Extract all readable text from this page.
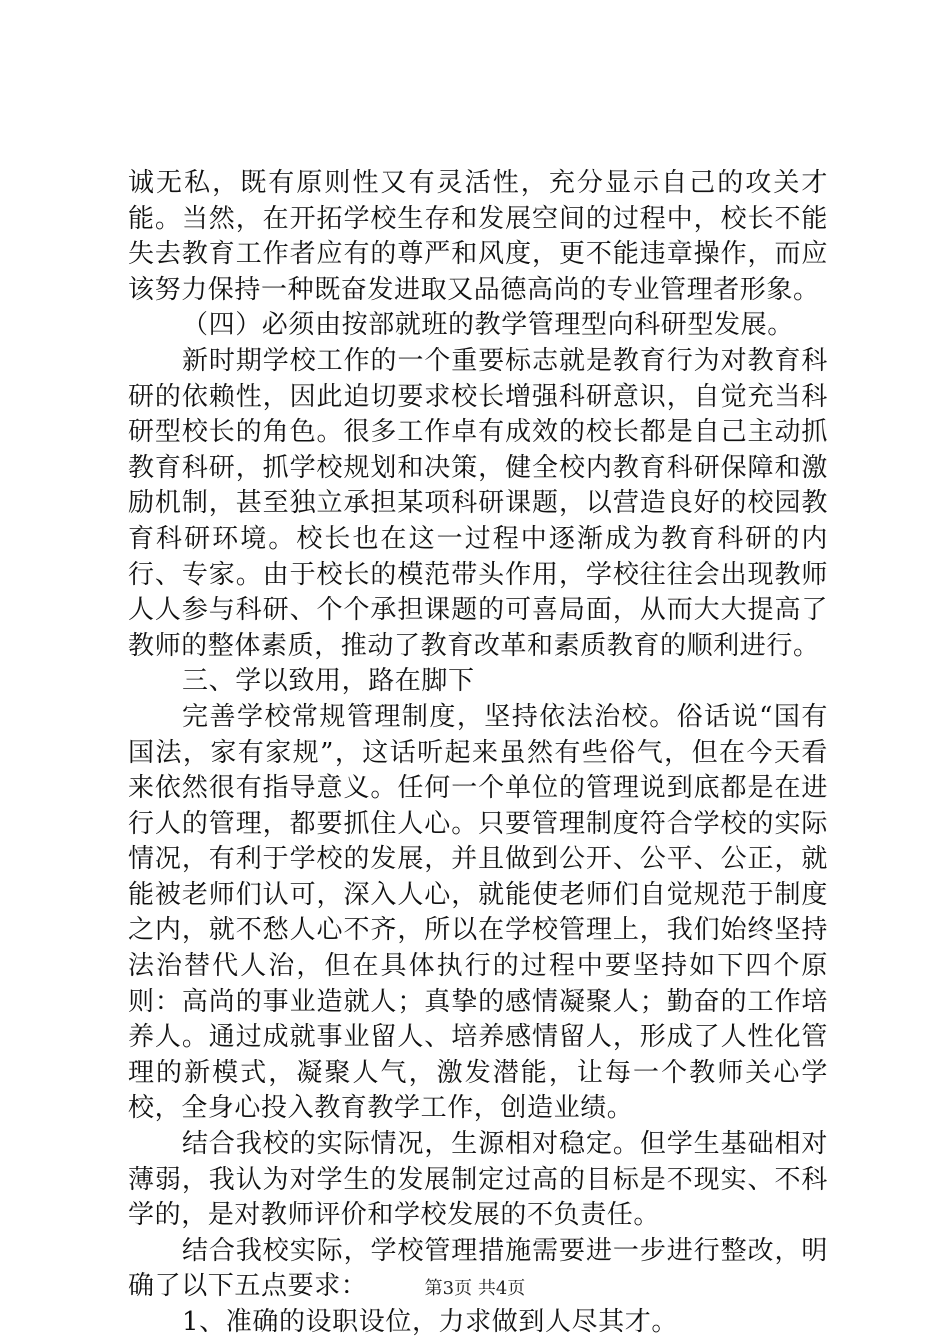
诚无私，既有原则性又有灵活性，充分显示自己的攻关才能。当然，在开拓学校生存和发展空间的过程中，校长不能失去教育工作者应有的尊严和风度，更不能违章操作，而应该努力保持一种既奋发进取又品德高尚的专业管理者形象。

（四）必须由按部就班的教学管理型向科研型发展。

新时期学校工作的一个重要标志就是教育行为对教育科研的依赖性，因此迫切要求校长增强科研意识，自觉充当科研型校长的角色。很多工作卓有成效的校长都是自己主动抓教育科研，抓学校规划和决策，健全校内教育科研保障和激励机制，甚至独立承担某项科研课题，以营造良好的校园教育科研环境。校长也在这一过程中逐渐成为教育科研的内行、专家。由于校长的模范带头作用，学校往往会出现教师人人参与科研、个个承担课题的可喜局面，从而大大提高了教师的整体素质，推动了教育改革和素质教育的顺利进行。

三、学以致用，路在脚下

完善学校常规管理制度，坚持依法治校。俗话说“国有国法，家有家规”，这话听起来虽然有些俗气，但在今天看来依然很有指导意义。任何一个单位的管理说到底都是在进行人的管理，都要抓住人心。只要管理制度符合学校的实际情况，有利于学校的发展，并且做到公开、公平、公正，就能被老师们认可，深入人心，就能使老师们自觉规范于制度之内，就不愁人心不齐，所以在学校管理上，我们始终坚持法治替代人治，但在具体执行的过程中要坚持如下四个原则：高尚的事业造就人；真挚的感情凝聚人；勤奋的工作培养人。通过成就事业留人、培养感情留人，形成了人性化管理的新模式，凝聚人气，激发潜能，让每一个教师关心学校，全身心投入教育教学工作，创造业绩。

结合我校的实际情况，生源相对稳定。但学生基础相对薄弱，我认为对学生的发展制定过高的目标是不现实、不科学的，是对教师评价和学校发展的不负责任。

结合我校实际，学校管理措施需要进一步进行整改，明确了以下五点要求：

1、准确的设职设位，力求做到人尽其才。

第3页 共4页
